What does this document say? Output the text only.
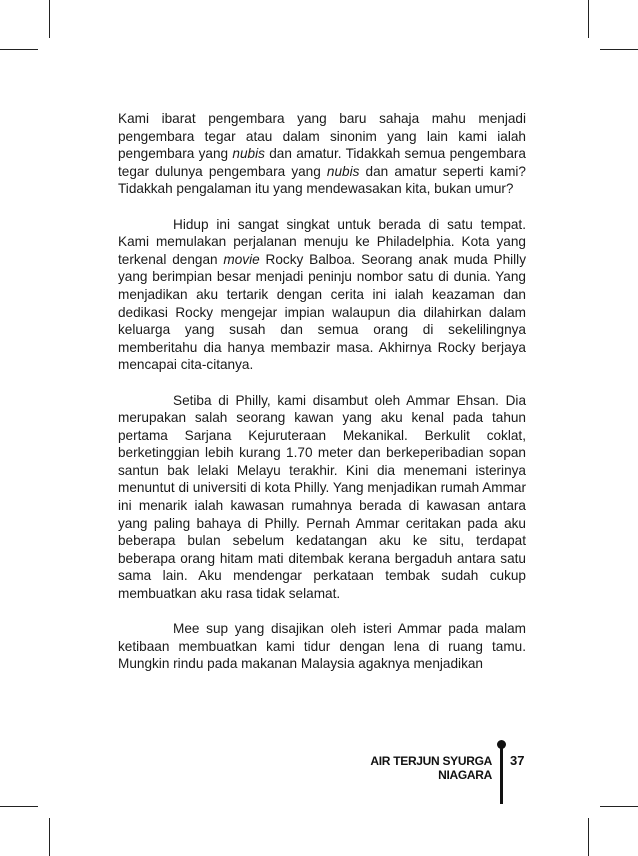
Kami ibarat pengembara yang baru sahaja mahu menjadi pengembara tegar atau dalam sinonim yang lain kami ialah pengembara yang nubis dan amatur. Tidakkah semua pengembara tegar dulunya pengembara yang nubis dan amatur seperti kami? Tidakkah pengalaman itu yang mendewasakan kita, bukan umur?

Hidup ini sangat singkat untuk berada di satu tempat. Kami memulakan perjalanan menuju ke Philadelphia. Kota yang terkenal dengan movie Rocky Balboa. Seorang anak muda Philly yang berimpian besar menjadi peninju nombor satu di dunia. Yang menjadikan aku tertarik dengan cerita ini ialah keazaman dan dedikasi Rocky mengejar impian walaupun dia dilahirkan dalam keluarga yang susah dan semua orang di sekelilingnya memberitahu dia hanya membazir masa. Akhirnya Rocky berjaya mencapai cita-citanya.

Setiba di Philly, kami disambut oleh Ammar Ehsan. Dia merupakan salah seorang kawan yang aku kenal pada tahun pertama Sarjana Kejuruteraan Mekanikal. Berkulit coklat, berketinggian lebih kurang 1.70 meter dan berkeperibadian sopan santun bak lelaki Melayu terakhir. Kini dia menemani isterinya menuntut di universiti di kota Philly. Yang menjadikan rumah Ammar ini menarik ialah kawasan rumahnya berada di kawasan antara yang paling bahaya di Philly. Pernah Ammar ceritakan pada aku beberapa bulan sebelum kedatangan aku ke situ, terdapat beberapa orang hitam mati ditembak kerana bergaduh antara satu sama lain. Aku mendengar perkataan tembak sudah cukup membuatkan aku rasa tidak selamat.

Mee sup yang disajikan oleh isteri Ammar pada malam ketibaan membuatkan kami tidur dengan lena di ruang tamu. Mungkin rindu pada makanan Malaysia agaknya menjadikan

AIR TERJUN SYURGA NIAGARA
37
